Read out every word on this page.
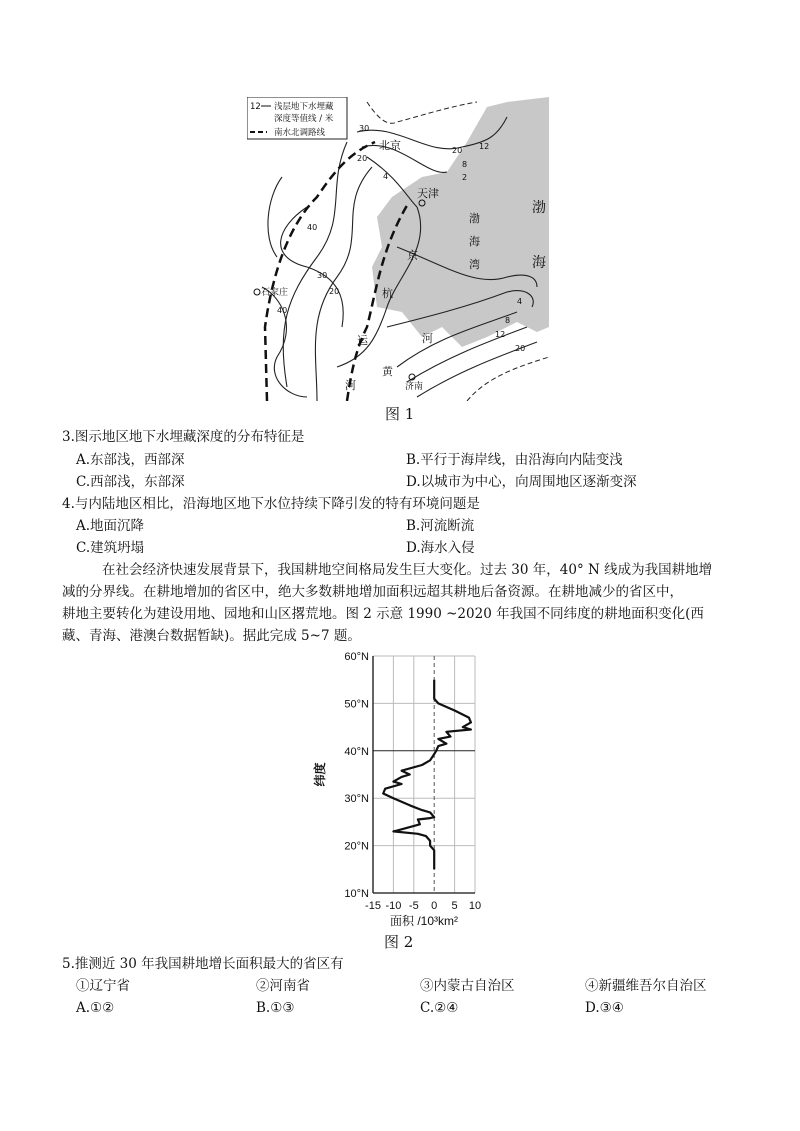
12 浅层地下水埋藏
深度等值线 / 米
南水北调路线
北京
天津
石家庄
济南
渤
海
湾
渤
海
京
杭
运
河
黄
河
30
20
12
8
4	2
40
30
20
40
4
8
12
20
20
图 1
3.图示地区地下水埋藏深度的分布特征是
A.东部浅，西部深	B.平行于海岸线，由沿海向内陆变浅
C.西部浅，东部深	D.以城市为中心，向周围地区逐渐变深
4.与内陆地区相比，沿海地区地下水位持续下降引发的特有环境问题是
A.地面沉降	B.河流断流
C.建筑坍塌	D.海水入侵
在社会经济快速发展背景下，我国耕地空间格局发生巨大变化。过去 30 年，40° N 线成为我国耕地增
减的分界线。在耕地增加的省区中，绝大多数耕地增加面积远超其耕地后备资源。在耕地减少的省区中，
耕地主要转化为建设用地、园地和山区撂荒地。图 2 示意 1990 ~2020 年我国不同纬度的耕地面积变化(西
藏、青海、港澳台数据暂缺)。据此完成 5~7 题。
-15 -10 -5 0 5 10
10°N
20°N
30°N
40°N
50°N
60°N
面积 /10³km²
纬度
图 2
5.推测近 30 年我国耕地增长面积最大的省区有
①辽宁省	②河南省	③内蒙古自治区	④新疆维吾尔自治区
A.①②	B.①③	C.②④	D.③④
